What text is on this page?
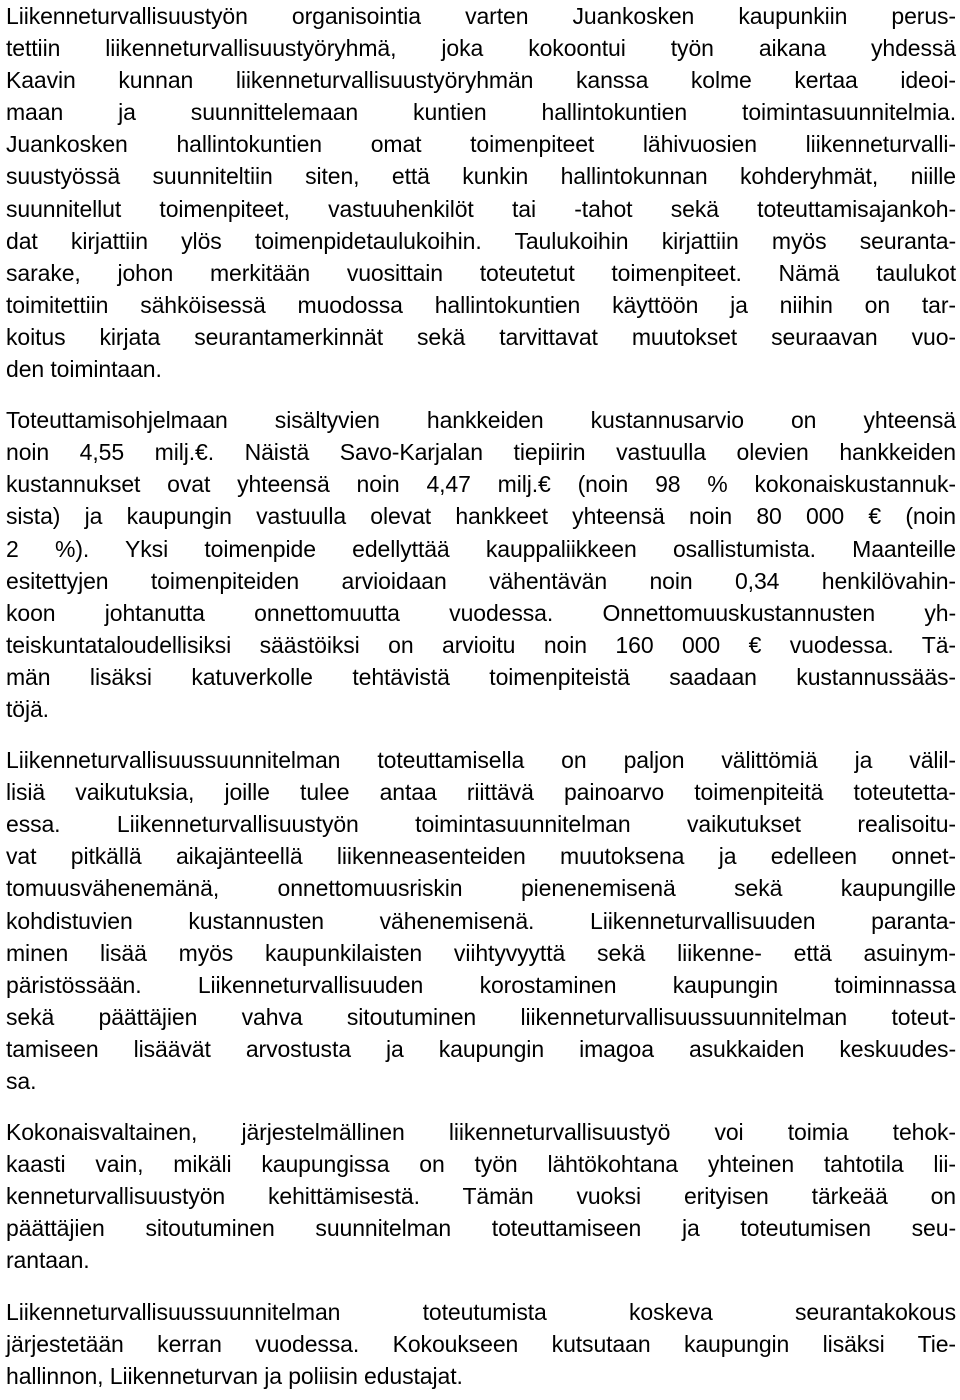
Liikenneturvallisuustyön organisointia varten Juankosken kaupunkiin perus-
tettiin liikenneturvallisuustyöryhmä, joka kokoontui työn aikana yhdessä
Kaavin kunnan liikenneturvallisuustyöryhmän kanssa kolme kertaa ideoi-
maan ja suunnittelemaan kuntien hallintokuntien toimintasuunnitelmia.
Juankosken hallintokuntien omat toimenpiteet lähivuosien liikenneturvalli-
suustyössä suunniteltiin siten, että kunkin hallintokunnan kohderyhmät, niille
suunnitellut toimenpiteet, vastuuhenkilöt tai -tahot sekä toteuttamisajankoh-
dat kirjattiin ylös toimenpidetaulukoihin. Taulukoihin kirjattiin myös seuranta-
sarake, johon merkitään vuosittain toteutetut toimenpiteet. Nämä taulukot
toimitettiin sähköisessä muodossa hallintokuntien käyttöön ja niihin on tar-
koitus kirjata seurantamerkinnät sekä tarvittavat muutokset seuraavan vuo-
den toimintaan.

Toteuttamisohjelmaan sisältyvien hankkeiden kustannusarvio on yhteensä
noin 4,55 milj.€. Näistä Savo-Karjalan tiepiirin vastuulla olevien hankkeiden
kustannukset ovat yhteensä noin 4,47 milj.€ (noin 98 % kokonaiskustannuk-
sista) ja kaupungin vastuulla olevat hankkeet yhteensä noin 80 000 € (noin
2 %). Yksi toimenpide edellyttää kauppaliikkeen osallistumista. Maanteille
esitettyjen toimenpiteiden arvioidaan vähentävän noin 0,34 henkilövahin-
koon johtanutta onnettomuutta vuodessa. Onnettomuuskustannusten yh-
teiskuntataloudellisiksi säästöiksi on arvioitu noin 160 000 € vuodessa. Tä-
män lisäksi katuverkolle tehtävistä toimenpiteistä saadaan kustannussääs-
töjä.

Liikenneturvallisuussuunnitelman toteuttamisella on paljon välittömiä ja välil-
lisiä vaikutuksia, joille tulee antaa riittävä painoarvo toimenpiteitä toteutetta-
essa. Liikenneturvallisuustyön toimintasuunnitelman vaikutukset realisoitu-
vat pitkällä aikajänteellä liikenneasenteiden muutoksena ja edelleen onnet-
tomuusvähenemänä, onnettomuusriskin pienenemisenä sekä kaupungille
kohdistuvien kustannusten vähenemisenä. Liikenneturvallisuuden paranta-
minen lisää myös kaupunkilaisten viihtyvyyttä sekä liikenne- että asuinym-
päristössään. Liikenneturvallisuuden korostaminen kaupungin toiminnassa
sekä päättäjien vahva sitoutuminen liikenneturvallisuussuunnitelman toteut-
tamiseen lisäävät arvostusta ja kaupungin imagoa asukkaiden keskuudes-
sa.

Kokonaisvaltainen, järjestelmällinen liikenneturvallisuustyö voi toimia tehok-
kaasti vain, mikäli kaupungissa on työn lähtökohtana yhteinen tahtotila lii-
kenneturvallisuustyön kehittämisestä. Tämän vuoksi erityisen tärkeää on
päättäjien sitoutuminen suunnitelman toteuttamiseen ja toteutumisen seu-
rantaan.

Liikenneturvallisuussuunnitelman toteutumista koskeva seurantakokous
järjestetään kerran vuodessa. Kokoukseen kutsutaan kaupungin lisäksi Tie-
hallinnon, Liikenneturvan ja poliisin edustajat.
